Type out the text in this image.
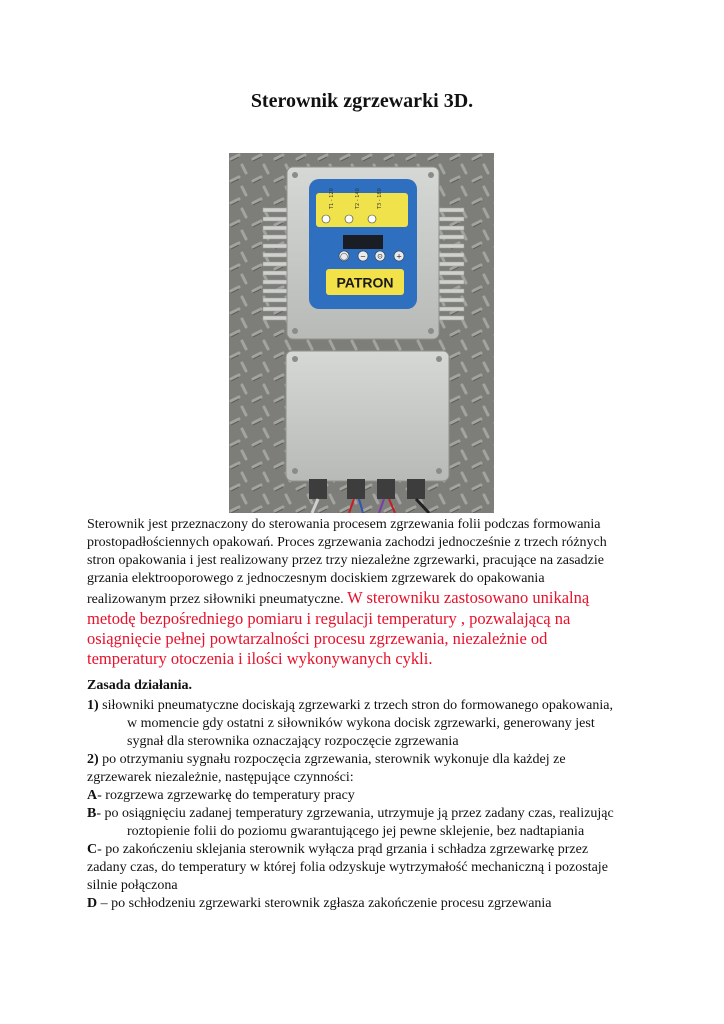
Sterownik zgrzewarki 3D.
T1 - 120	T2 - 140	T3 - 180
◯ − ⊙ +
PATRON
Sterownik jest przeznaczony do sterowania procesem zgrzewania folii podczas formowania
prostopadłościennych opakowań. Proces zgrzewania zachodzi jednocześnie z trzech różnych
stron opakowania i jest realizowany przez trzy niezależne zgrzewarki, pracujące na zasadzie
grzania elektrooporowego z jednoczesnym dociskiem zgrzewarek do opakowania
realizowanym przez siłowniki pneumatyczne. W sterowniku zastosowano unikalną
metodę bezpośredniego pomiaru i regulacji temperatury , pozwalającą na
osiągnięcie pełnej powtarzalności procesu zgrzewania, niezależnie od
temperatury otoczenia i ilości wykonywanych cykli.
Zasada działania.
1) siłowniki pneumatyczne dociskają zgrzewarki z trzech stron do formowanego opakowania,
w momencie gdy ostatni z siłowników wykona docisk zgrzewarki, generowany jest
sygnał dla sterownika oznaczający rozpoczęcie zgrzewania
2) po otrzymaniu sygnału rozpoczęcia zgrzewania, sterownik wykonuje dla każdej ze
zgrzewarek niezależnie, następujące czynności:
A- rozgrzewa zgrzewarkę do temperatury pracy
B- po osiągnięciu zadanej temperatury zgrzewania, utrzymuje ją przez zadany czas, realizując
roztopienie folii do poziomu gwarantującego jej pewne sklejenie, bez nadtapiania
C- po zakończeniu sklejania sterownik wyłącza prąd grzania i schładza zgrzewarkę przez
zadany czas, do temperatury w której folia odzyskuje wytrzymałość mechaniczną i pozostaje
silnie połączona
D – po schłodzeniu zgrzewarki sterownik zgłasza zakończenie procesu zgrzewania
